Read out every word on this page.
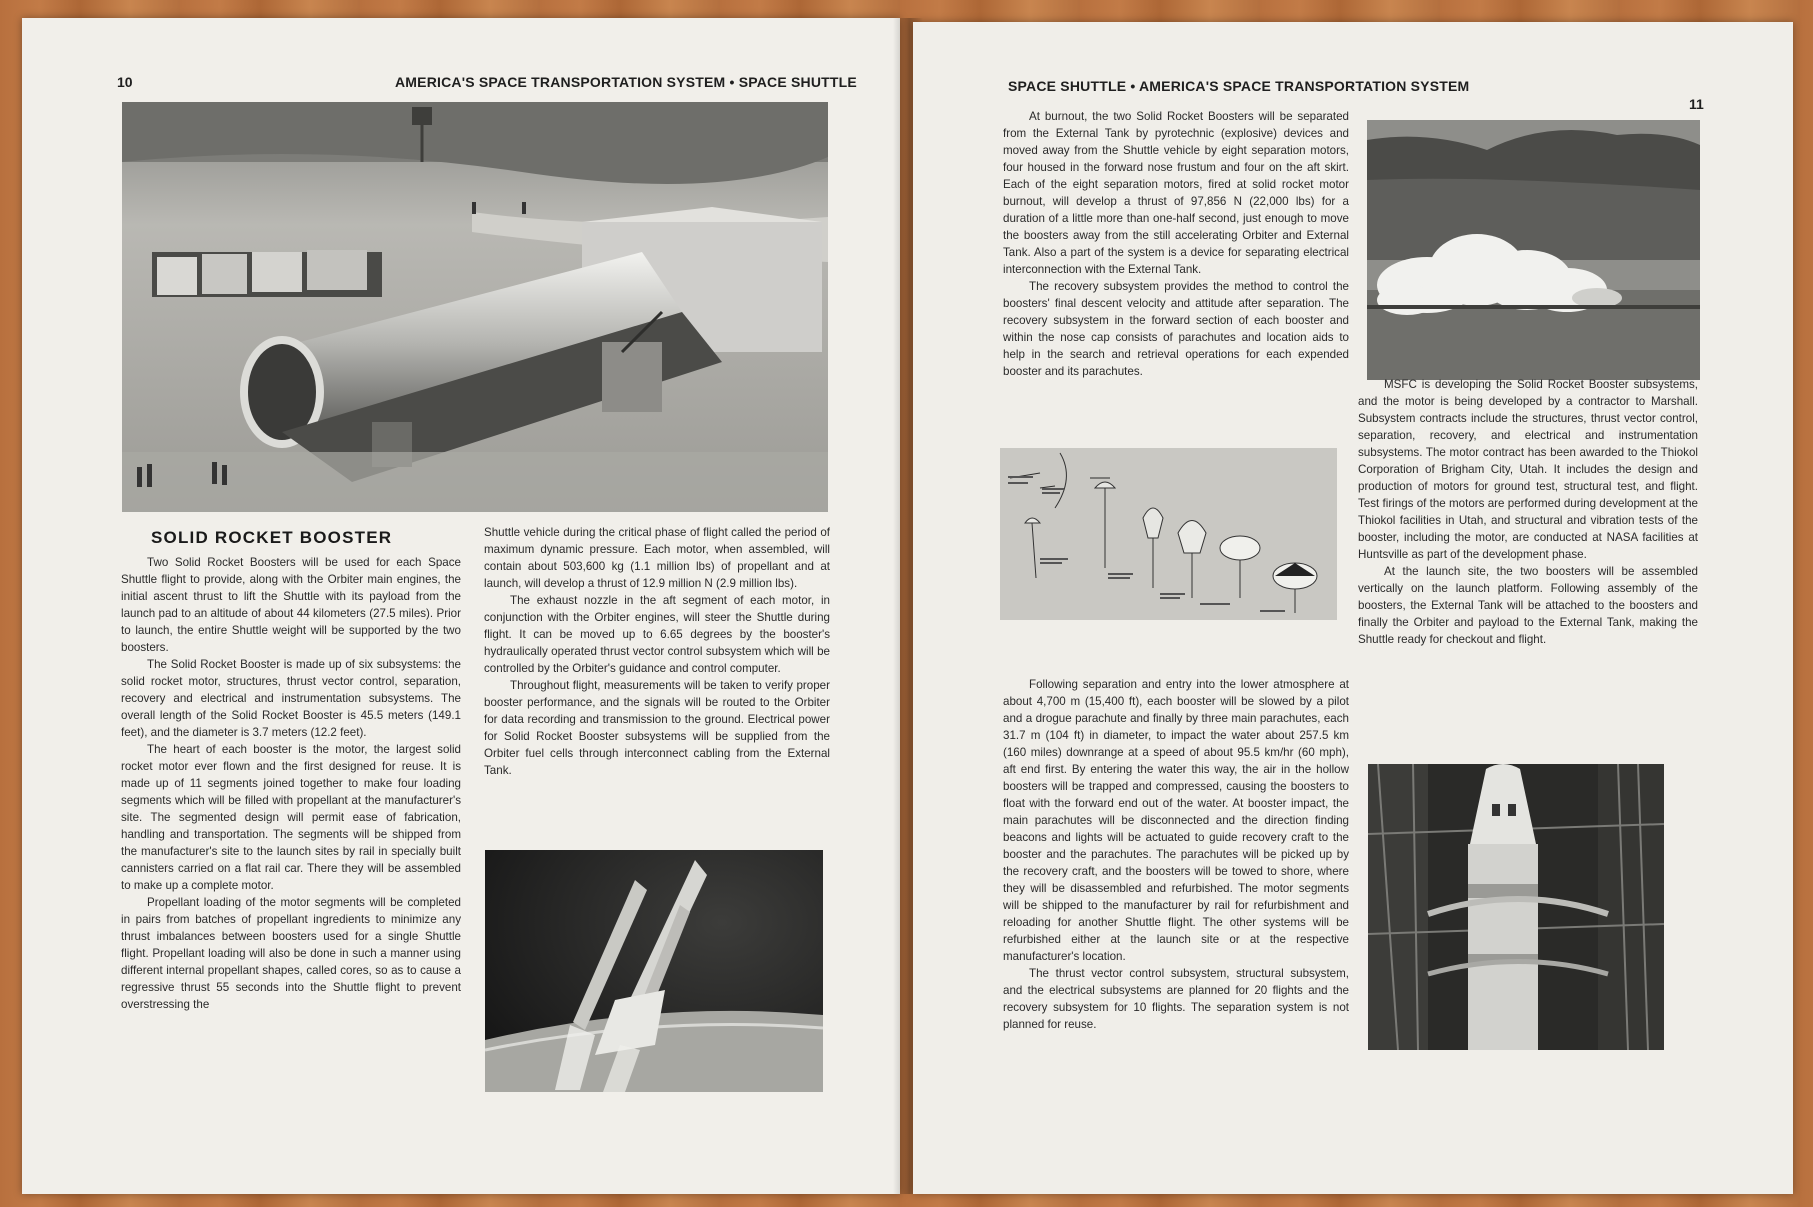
10	AMERICA'S SPACE TRANSPORTATION SYSTEM • SPACE SHUTTLE
SOLID ROCKET BOOSTER

Two Solid Rocket Boosters will be used for each Space Shuttle flight to provide, along with the Orbiter main engines, the initial ascent thrust to lift the Shuttle with its payload from the launch pad to an altitude of about 44 kilometers (27.5 miles). Prior to launch, the entire Shuttle weight will be supported by the two boosters.

The Solid Rocket Booster is made up of six subsystems: the solid rocket motor, structures, thrust vector control, separation, recovery and electrical and instrumentation subsystems. The overall length of the Solid Rocket Booster is 45.5 meters (149.1 feet), and the diameter is 3.7 meters (12.2 feet).

The heart of each booster is the motor, the largest solid rocket motor ever flown and the first designed for reuse. It is made up of 11 segments joined together to make four loading segments which will be filled with propellant at the manufacturer's site. The segmented design will permit ease of fabrication, handling and transportation. The segments will be shipped from the manufacturer's site to the launch sites by rail in specially built cannisters carried on a flat rail car. There they will be assembled to make up a complete motor.

Propellant loading of the motor segments will be completed in pairs from batches of propellant ingredients to minimize any thrust imbalances between boosters used for a single Shuttle flight. Propellant loading will also be done in such a manner using different internal propellant shapes, called cores, so as to cause a regressive thrust 55 seconds into the Shuttle flight to prevent overstressing the

Shuttle vehicle during the critical phase of flight called the period of maximum dynamic pressure. Each motor, when assembled, will contain about 503,600 kg (1.1 million lbs) of propellant and at launch, will develop a thrust of 12.9 million N (2.9 million lbs).

The exhaust nozzle in the aft segment of each motor, in conjunction with the Orbiter engines, will steer the Shuttle during flight. It can be moved up to 6.65 degrees by the booster's hydraulically operated thrust vector control subsystem which will be controlled by the Orbiter's guidance and control computer.

Throughout flight, measurements will be taken to verify proper booster performance, and the signals will be routed to the Orbiter for data recording and transmission to the ground. Electrical power for Solid Rocket Booster subsystems will be supplied from the Orbiter fuel cells through interconnect cabling from the External Tank.

SPACE SHUTTLE • AMERICA'S SPACE TRANSPORTATION SYSTEM
11

At burnout, the two Solid Rocket Boosters will be separated from the External Tank by pyrotechnic (explosive) devices and moved away from the Shuttle vehicle by eight separation motors, four housed in the forward nose frustum and four on the aft skirt. Each of the eight separation motors, fired at solid rocket motor burnout, will develop a thrust of 97,856 N (22,000 lbs) for a duration of a little more than one-half second, just enough to move the boosters away from the still accelerating Orbiter and External Tank. Also a part of the system is a device for separating electrical interconnection with the External Tank.

The recovery subsystem provides the method to control the boosters' final descent velocity and attitude after separation. The recovery subsystem in the forward section of each booster and within the nose cap consists of parachutes and location aids to help in the search and retrieval operations for each expended booster and its parachutes.

Following separation and entry into the lower atmosphere at about 4,700 m (15,400 ft), each booster will be slowed by a pilot and a drogue parachute and finally by three main parachutes, each 31.7 m (104 ft) in diameter, to impact the water about 257.5 km (160 miles) downrange at a speed of about 95.5 km/hr (60 mph), aft end first. By entering the water this way, the air in the hollow boosters will be trapped and compressed, causing the boosters to float with the forward end out of the water. At booster impact, the main parachutes will be disconnected and the direction finding beacons and lights will be actuated to guide recovery craft to the booster and the parachutes. The parachutes will be picked up by the recovery craft, and the boosters will be towed to shore, where they will be disassembled and refurbished. The motor segments will be shipped to the manufacturer by rail for refurbishment and reloading for another Shuttle flight. The other systems will be refurbished either at the launch site or at the respective manufacturer's location.

The thrust vector control subsystem, structural subsystem, and the electrical subsystems are planned for 20 flights and the recovery subsystem for 10 flights. The separation system is not planned for reuse.

MSFC is developing the Solid Rocket Booster subsystems, and the motor is being developed by a contractor to Marshall. Subsystem contracts include the structures, thrust vector control, separation, recovery, and electrical and instrumentation subsystems. The motor contract has been awarded to the Thiokol Corporation of Brigham City, Utah. It includes the design and production of motors for ground test, structural test, and flight. Test firings of the motors are performed during development at the Thiokol facilities in Utah, and structural and vibration tests of the booster, including the motor, are conducted at NASA facilities at Huntsville as part of the development phase.

At the launch site, the two boosters will be assembled vertically on the launch platform. Following assembly of the boosters, the External Tank will be attached to the boosters and finally the Orbiter and payload to the External Tank, making the Shuttle ready for checkout and flight.
